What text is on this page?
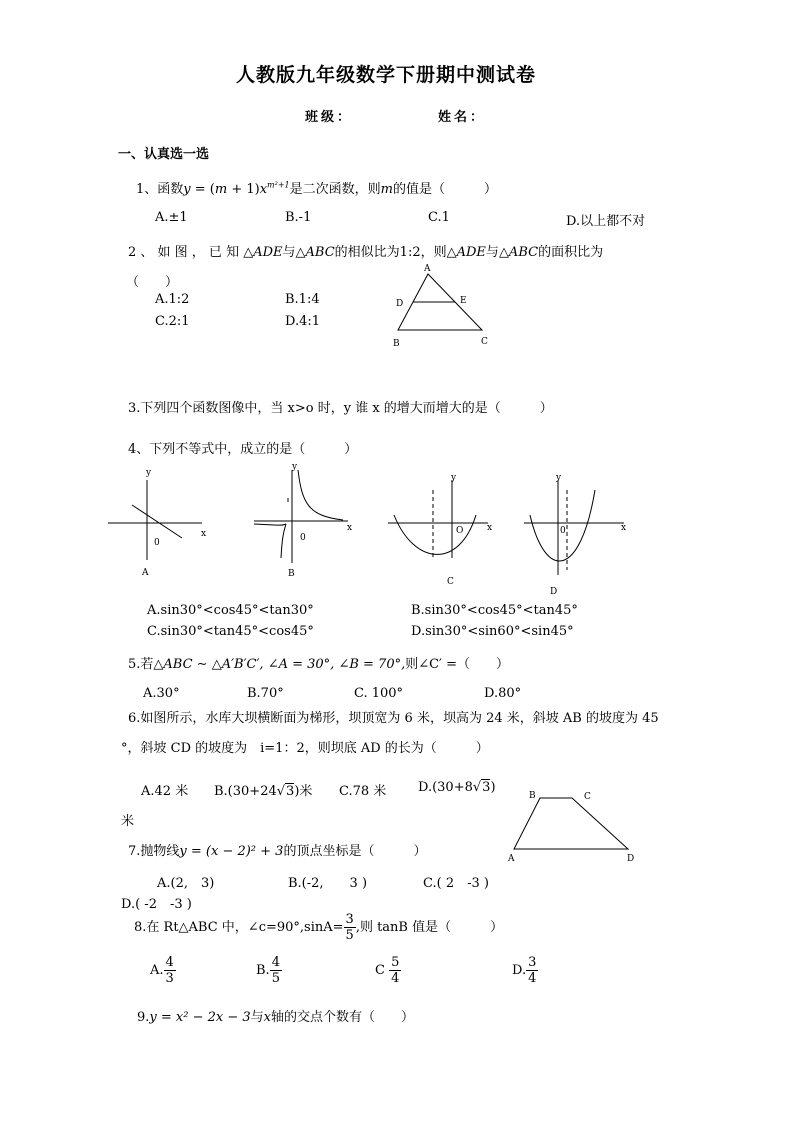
人教版九年级数学下册期中测试卷
班级：	姓名：
一、认真选一选
1、函数$y = (m + 1)x^{m^2+1}$是二次函数，则m的值是（　　　）
A.±1	B.-1	C.1	D.以上都不对
2 、 如 图 ， 已 知 △ADE与△ABC的相似比为1:2，则△ADE与△ABC的面积比为
（　　）
A.1:2	B.1:4
C.2:1	D.4:1
A
D	E
B	C
3.下列四个函数图像中，当 x>o 时，y 谁 x 的增大而增大的是（　　　）
4、下列不等式中，成立的是（　　　）
y
x
0
A
y
x
0
B
y
x
O
C
y
x
0
D
A.sin30°<cos45°<tan30°	B.sin30°<cos45°<tan45°
C.sin30°<tan45°<cos45°	D.sin30°<sin60°<sin45°
5.若△ABC ∼ △A′B′C′, ∠A = 30°, ∠B = 70°,则∠C′ =（　　）
A.30°	B.70°	C. 100°	D.80°
6.如图所示，水库大坝横断面为梯形，坝顶宽为 6 米，坝高为 24 米，斜坡 AB 的坡度为 45
°，斜坡 CD 的坡度为　i=1：2，则坝底 AD 的长为（　　　）
A.42 米 B.(30+24√3)米 C.78 米 D.(30+8√3)
米
B	C
A	D
7.抛物线y = (x − 2)² + 3的顶点坐标是（　　　）
A.(2,　3)	B.(-2,　　3 )	C.( 2　-3 )
D.( -2　-3 )
8.在 Rt△ABC 中，∠c=90°,sinA= $\frac{3}{5}$ ,则 tanB 值是（　　　）
A. $\frac{4}{3}$	B. $\frac{4}{5}$	C $\frac{5}{4}$	D. $\frac{3}{4}$
9.y = x² − 2x − 3与x轴的交点个数有（　　）
